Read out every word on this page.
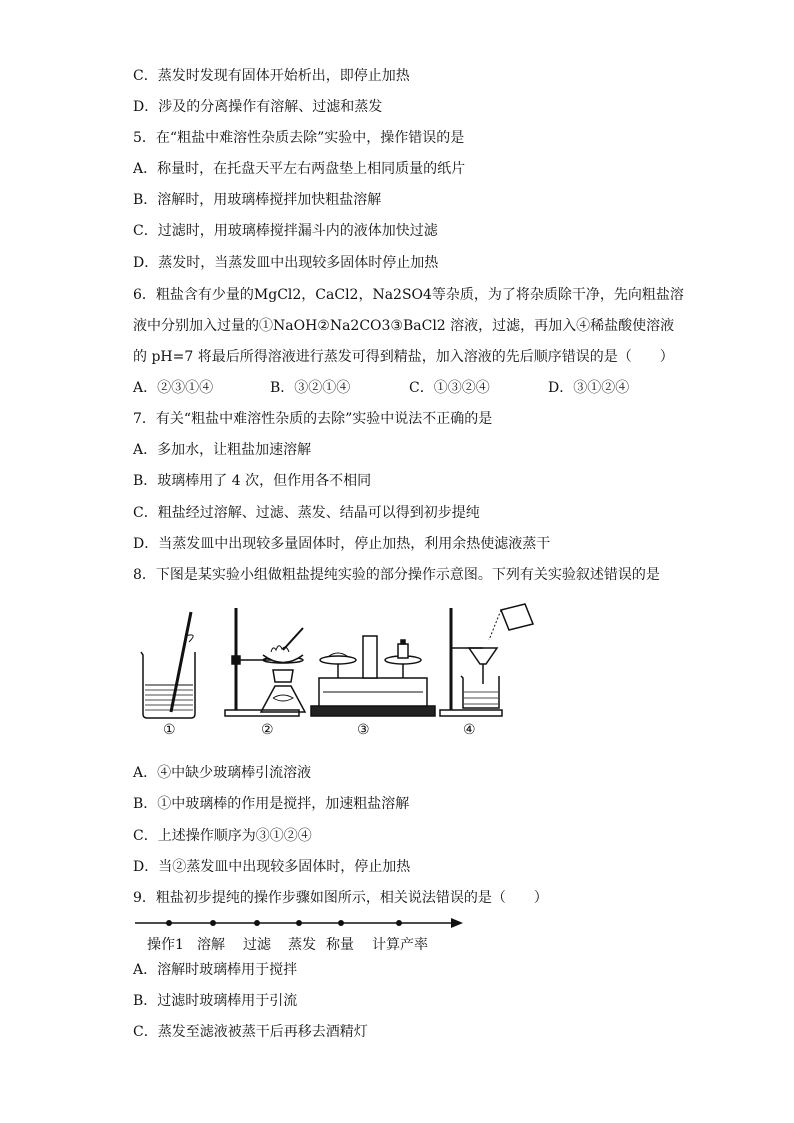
C．蒸发时发现有固体开始析出，即停止加热
D．涉及的分离操作有溶解、过滤和蒸发
5．在“粗盐中难溶性杂质去除”实验中，操作错误的是
A．称量时，在托盘天平左右两盘垫上相同质量的纸片
B．溶解时，用玻璃棒搅拌加快粗盐溶解
C．过滤时，用玻璃棒搅拌漏斗内的液体加快过滤
D．蒸发时，当蒸发皿中出现较多固体时停止加热
6．粗盐含有少量的MgCl2，CaCl2，Na2SO4等杂质，为了将杂质除干净，先向粗盐溶
液中分别加入过量的①NaOH②Na2CO3③BaCl2 溶液，过滤，再加入④稀盐酸使溶液
的 pH=7 将最后所得溶液进行蒸发可得到精盐，加入溶液的先后顺序错误的是（　　）
A．②③①④	B．③②①④	C．①③②④	D．③①②④
7．有关“粗盐中难溶性杂质的去除”实验中说法不正确的是
A．多加水，让粗盐加速溶解
B．玻璃棒用了 4 次，但作用各不相同
C．粗盐经过溶解、过滤、蒸发、结晶可以得到初步提纯
D．当蒸发皿中出现较多量固体时，停止加热，利用余热使滤液蒸干
8．下图是某实验小组做粗盐提纯实验的部分操作示意图。下列有关实验叙述错误的是
①	②	③	④
A．④中缺少玻璃棒引流溶液
B．①中玻璃棒的作用是搅拌，加速粗盐溶解
C．上述操作顺序为③①②④
D．当②蒸发皿中出现较多固体时，停止加热
9．粗盐初步提纯的操作步骤如图所示，相关说法错误的是（　　）
操作1 溶解 过滤 蒸发 称量 计算产率
A．溶解时玻璃棒用于搅拌
B．过滤时玻璃棒用于引流
C．蒸发至滤液被蒸干后再移去酒精灯
